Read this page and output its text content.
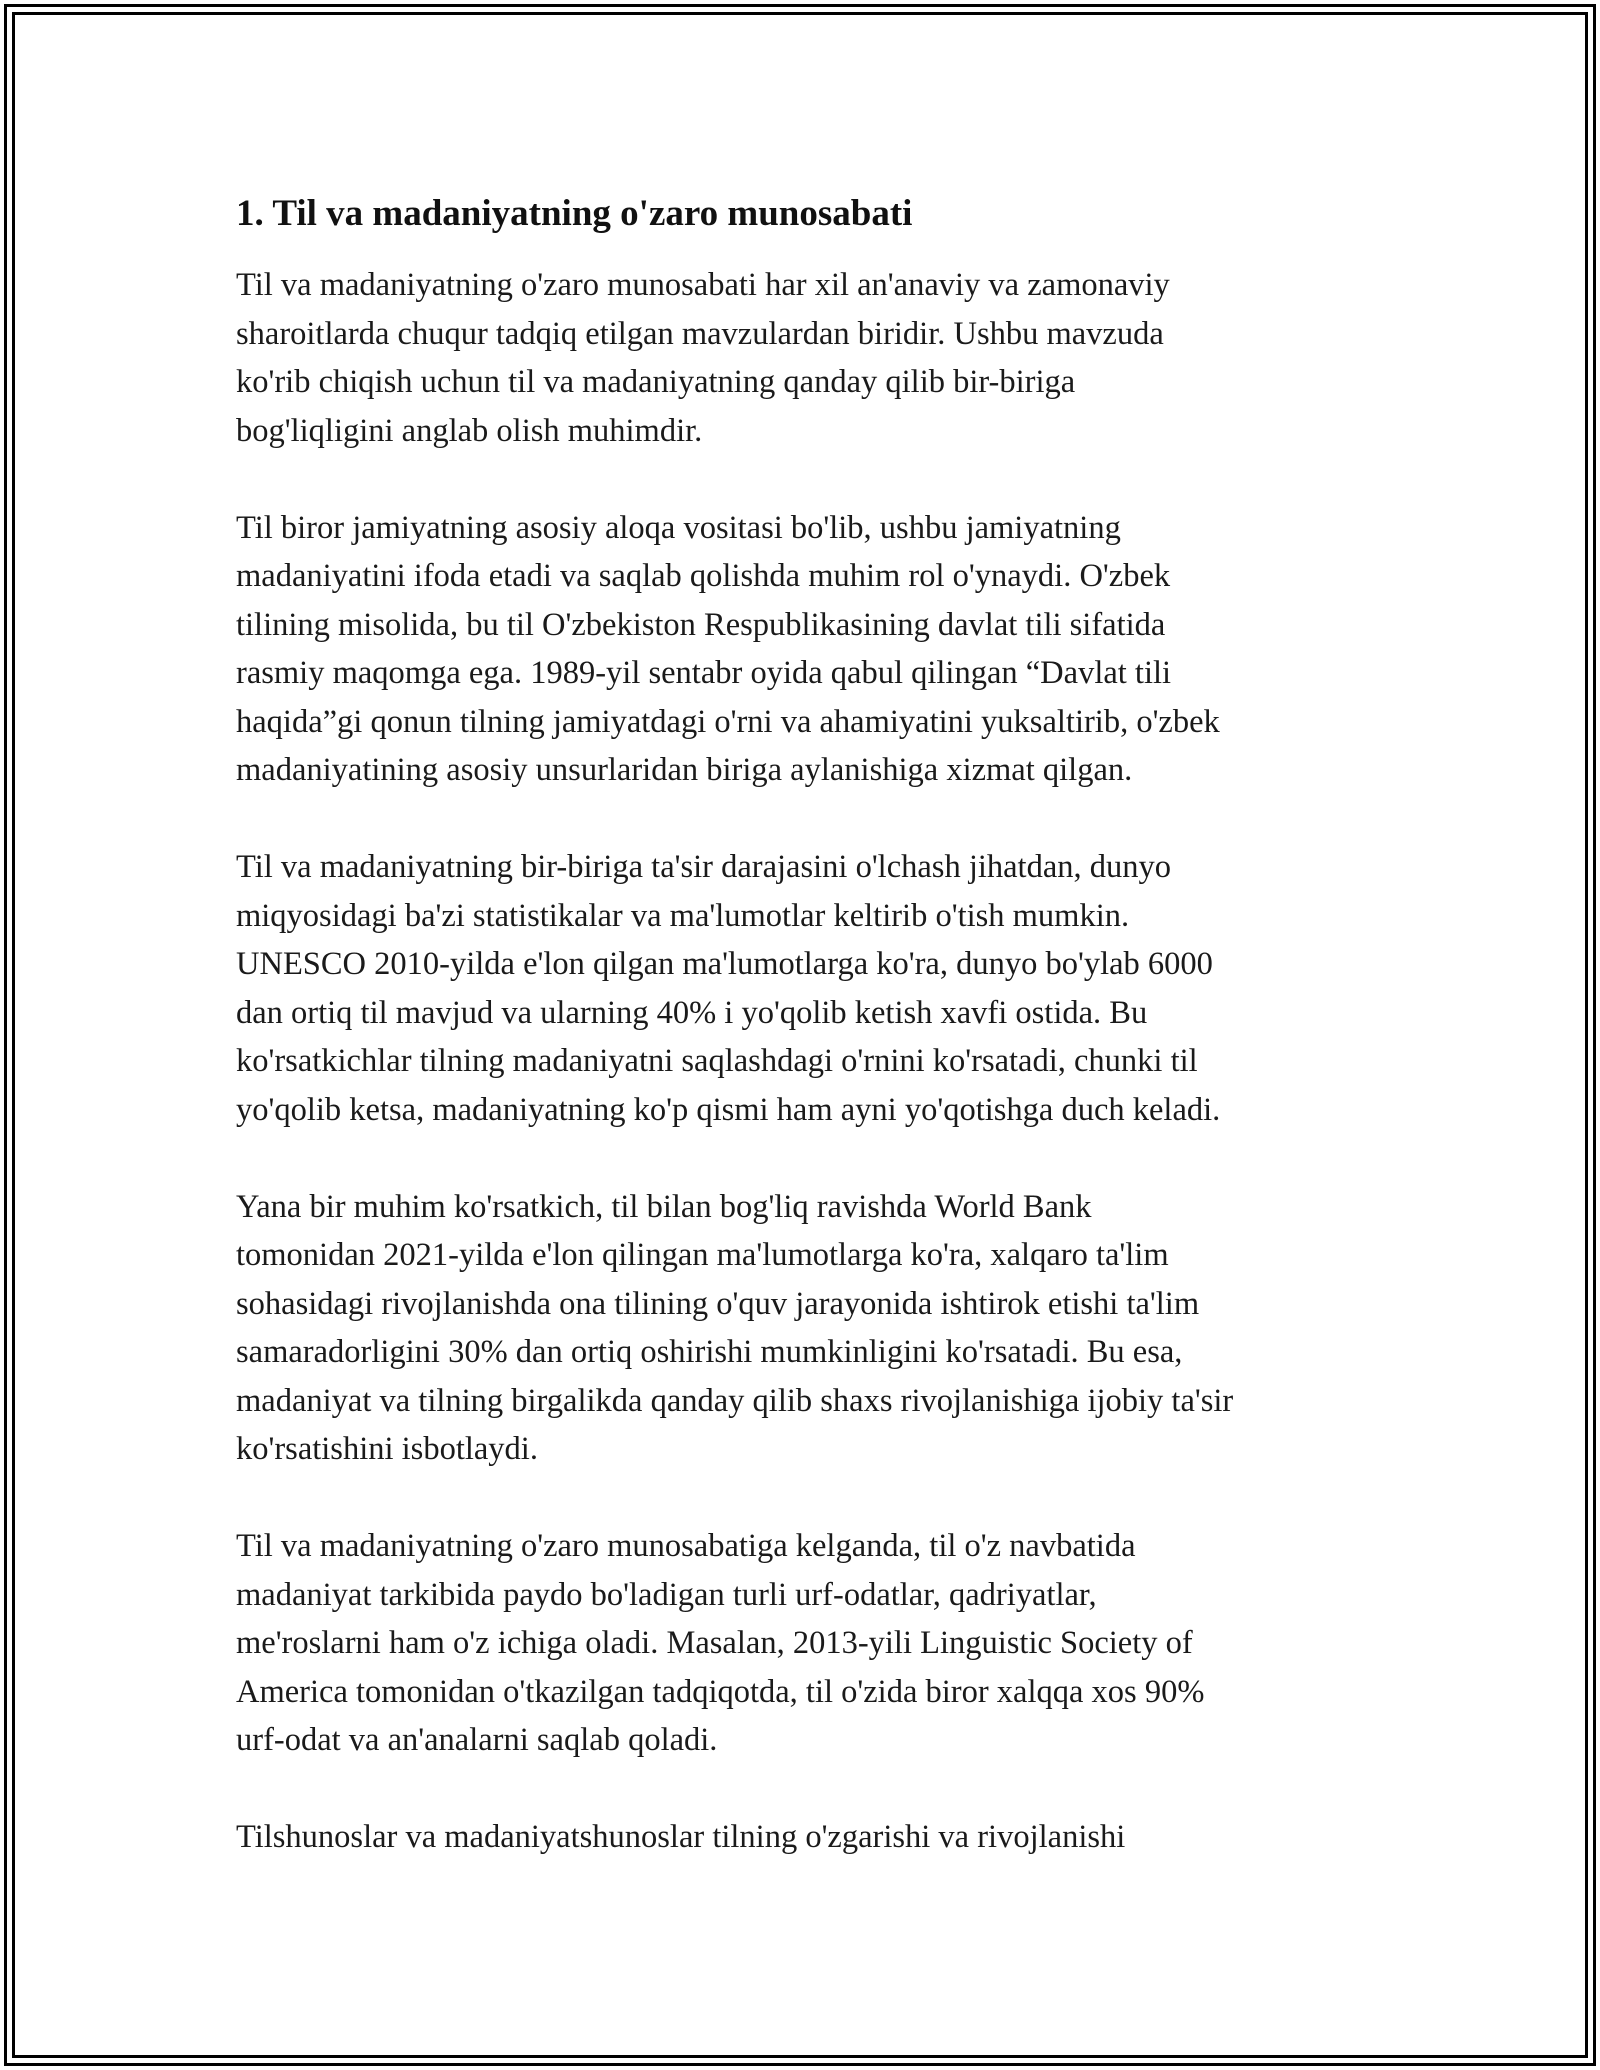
1. Til va madaniyatning o'zaro munosabati

Til va madaniyatning o'zaro munosabati har xil an'anaviy va zamonaviy
sharoitlarda chuqur tadqiq etilgan mavzulardan biridir. Ushbu mavzuda
ko'rib chiqish uchun til va madaniyatning qanday qilib bir-biriga
bog'liqligini anglab olish muhimdir.

Til biror jamiyatning asosiy aloqa vositasi bo'lib, ushbu jamiyatning
madaniyatini ifoda etadi va saqlab qolishda muhim rol o'ynaydi. O'zbek
tilining misolida, bu til O'zbekiston Respublikasining davlat tili sifatida
rasmiy maqomga ega. 1989-yil sentabr oyida qabul qilingan “Davlat tili
haqida”gi qonun tilning jamiyatdagi o'rni va ahamiyatini yuksaltirib, o'zbek
madaniyatining asosiy unsurlaridan biriga aylanishiga xizmat qilgan.

Til va madaniyatning bir-biriga ta'sir darajasini o'lchash jihatdan, dunyo
miqyosidagi ba'zi statistikalar va ma'lumotlar keltirib o'tish mumkin.
UNESCO 2010-yilda e'lon qilgan ma'lumotlarga ko'ra, dunyo bo'ylab 6000
dan ortiq til mavjud va ularning 40% i yo'qolib ketish xavfi ostida. Bu
ko'rsatkichlar tilning madaniyatni saqlashdagi o'rnini ko'rsatadi, chunki til
yo'qolib ketsa, madaniyatning ko'p qismi ham ayni yo'qotishga duch keladi.

Yana bir muhim ko'rsatkich, til bilan bog'liq ravishda World Bank
tomonidan 2021-yilda e'lon qilingan ma'lumotlarga ko'ra, xalqaro ta'lim
sohasidagi rivojlanishda ona tilining o'quv jarayonida ishtirok etishi ta'lim
samaradorligini 30% dan ortiq oshirishi mumkinligini ko'rsatadi. Bu esa,
madaniyat va tilning birgalikda qanday qilib shaxs rivojlanishiga ijobiy ta'sir
ko'rsatishini isbotlaydi.

Til va madaniyatning o'zaro munosabatiga kelganda, til o'z navbatida
madaniyat tarkibida paydo bo'ladigan turli urf-odatlar, qadriyatlar,
me'roslarni ham o'z ichiga oladi. Masalan, 2013-yili Linguistic Society of
America tomonidan o'tkazilgan tadqiqotda, til o'zida biror xalqqa xos 90%
urf-odat va an'analarni saqlab qoladi.

Tilshunoslar va madaniyatshunoslar tilning o'zgarishi va rivojlanishi
